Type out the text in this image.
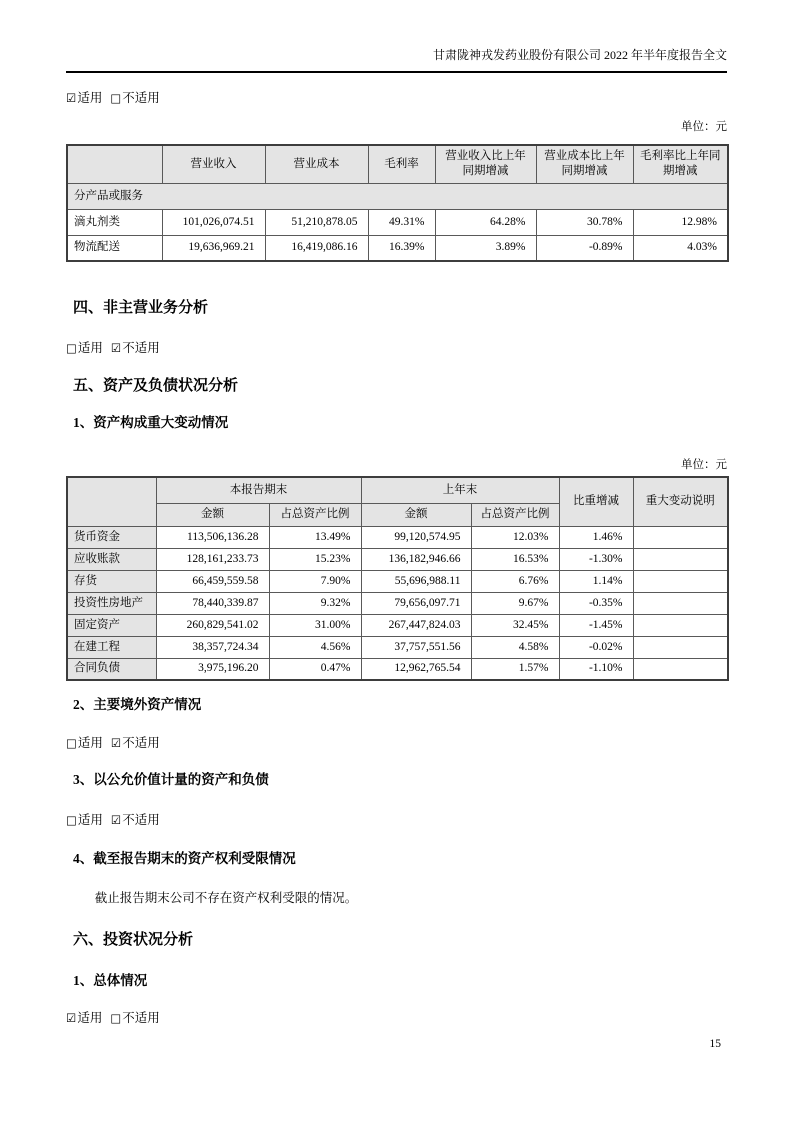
甘肃陇神戎发药业股份有限公司 2022 年半年度报告全文
☑适用 □不适用
单位：元
	营业收入	营业成本	毛利率	营业收入比上年同期增减	营业成本比上年同期增减	毛利率比上年同期增减
分产品或服务						
滴丸剂类	101,026,074.51	51,210,878.05	49.31%	64.28%	30.78%	12.98%
物流配送	19,636,969.21	16,419,086.16	16.39%	3.89%	-0.89%	4.03%
四、非主营业务分析
□适用 ☑不适用
五、资产及负债状况分析
1、资产构成重大变动情况
单位：元
	本报告期末		上年末		比重增减	重大变动说明
	金额	占总资产比例	金额	占总资产比例		
货币资金	113,506,136.28	13.49%	99,120,574.95	12.03%	1.46%	
应收账款	128,161,233.73	15.23%	136,182,946.66	16.53%	-1.30%	
存货	66,459,559.58	7.90%	55,696,988.11	6.76%	1.14%	
投资性房地产	78,440,339.87	9.32%	79,656,097.71	9.67%	-0.35%	
固定资产	260,829,541.02	31.00%	267,447,824.03	32.45%	-1.45%	
在建工程	38,357,724.34	4.56%	37,757,551.56	4.58%	-0.02%	
合同负债	3,975,196.20	0.47%	12,962,765.54	1.57%	-1.10%	
2、主要境外资产情况
□适用 ☑不适用
3、以公允价值计量的资产和负债
□适用 ☑不适用
4、截至报告期末的资产权利受限情况
截止报告期末公司不存在资产权利受限的情况。
六、投资状况分析
1、总体情况
☑适用 □不适用
15
